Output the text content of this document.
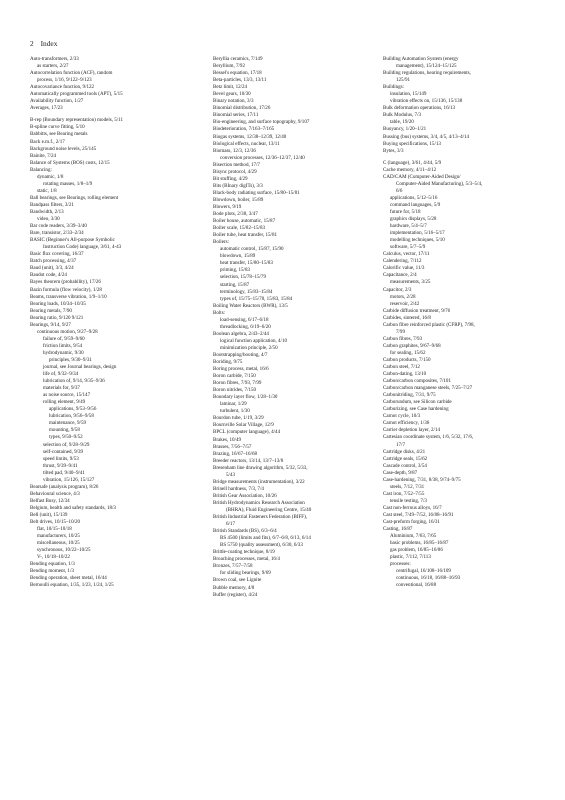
2 Index
Auto-transformers, 2/33
as starters, 2/27
Autocorrelation function (ACF), random
process, 1/16, 9/122–9/123
Autocovariance function, 9/122
Automatically programmed tools (APT), 5/15
Availability function, 1/27
Averages, 17/23
B-rep (Boundary representation) models, 5/11
B-spline curve fitting, 5/10
Babbitts, see Bearing metals
Back e.m.f., 2/17
Background noise levels, 25/145
Bainite, 7/24
Balance of Systems (BOS) costs, 12/15
Balancing:
dynamic, 1/8
rotating masses, 1/8–1/9
static, 1/8
Ball bearings, see Bearings, rolling element
Bandpass filters, 3/21
Bandwidth, 2/13
video, 3/30
Bar code readers, 3/39–3/40
Bare, transistor, 2/33–2/34
BASIC (Beginner's All-purpose Symbolic
Instruction Code) language, 3/61, 4-43
Basic flux covering, 16/37
Batch processing, 4/37
Baud (unit), 3/3, 4/24
Baudot code, 4/24
Bayes theorem (probability), 17/26
Bazin formula (flow velocity), 1/28
Beams, transverse vibration, 1/9–1/10
Bearing loads, 10/34–10/35
Bearing metals, 7/90
Bearing ratio, 9/120 9/121
Bearings, 9/14, 9/27
continuous motion, 9/27–9/28
failure of, 9/59–9/60
friction limits, 9/54
hydrodynamic, 9/30
principles, 9/30–9/31
journal, see Journal bearings, design
life of, 9/32–9/34
lubrication of, 9/14, 9/35–9/36
materials for, 9/37
as noise source, 15/147
rolling element, 9/49
applications, 9/53–9/56
lubrication, 9/56–9/58
maintenance, 9/59
mounting, 9/58
types, 9/50–9/52
selection of, 9/28–9/29
self-contained, 9/39
speed limits, 9/53
thrust, 9/39–9/41
tilted pad, 9/40–9/41
vibration, 15/126, 15/127
Bearsafe (analysis program), 8/26
Behavioural science, 4/3
Belfast Busy, 12/34
Belgium, health and safety standards, 18/3
Bell (unit), 15/139
Belt drives, 10/15–10/20
flat, 10/15–10/18
manufacturers, 10/25
miscellaneous, 10/25
synchronous, 10/22–10/25
V-, 10/18–10/22
Bending equation, 1/3
Bending moment, 1/3
Bending operation, sheet metal, 16/44
Bernoulli equation, 1/35, 1/23, 1/24, 1/25
Beryllia ceramics, 7/149
Beryllium, 7/92
Bessel's equation, 17/18
Beta-particles, 13/3, 13/11
Betz limit, 12/24
Bevel gears, 10/30
Binary notation, 3/3
Binomial distribution, 17/26
Binomial series, 17/11
Bio-engineering, and surface topography, 9/107
Biodeterioration, 7/163–7/165
Biogas systems, 12/38–12/39, 12/40
Biological effects, nuclear, 13/11
Biomass, 12/3, 12/36
conversion processes, 12/36–12/37, 12/40
Bisection method, 17/7
Bisync protocol, 4/29
Bit stuffing, 4/29
Bits (BInary digITs), 3/3
Black-body radiating surface, 15/80–15/81
Blowdown, boiler, 15/89
Blowers, 9/19
Bode plots, 2/38, 3/47
Boiler house, automatic, 15/87
Boiler scale, 15/82–15/83
Boiler tube, heat transfer, 15/81
Boilers:
automatic control, 15/87, 15/90
blowdown, 15/89
heat transfer, 15/80–15/83
priming, 15/83
selection, 15/78–15/79
starting, 15/87
terminology, 15/83–15/84
types of, 15/75–15/78, 15/83, 15/84
Boiling Water Reactors (BWR), 13/5
Bolts:
load-sensing, 6/17–6/18
threadlocking, 6/19–6/20
Boolean algebra, 2/43–2/44
logical function application, 4/10
minimization principle, 2/50
Bootstrapping/booting, 4/7
Boriding, 9/75
Boring process, metal, 16/6
Boron carbide, 7/150
Boron fibres, 7/93, 7/99
Boron nitrides, 7/150
Boundary layer flow, 1/28–1/30
laminar, 1/29
turbulent, 1/30
Bourdon tube, 1/19, 3/29
Bournville Solar Village, 12/9
BPCL (computer language), 4/44
Brakes, 10/49
Brasses, 7/56–7/57
Brazing, 16/67–16/68
Breeder reactors, 13/14, 13/7–13/8
Bresenham line drawing algorithm, 5/32, 5/33,
5/43
Bridge measurements (instrumentation), 3/22
Brinell hardness, 7/3, 7/4
British Gear Association, 10/26
British Hydrodynamics Research Association
(BHRA), Fluid Engineering Centre, 15/40
British Industrial Fasteners Federation (BIFF),
6/17
British Standards (BS), 6/3–6/4
BS 4500 (limits and fits), 6/7–6/8, 6/13, 6/14
BS 5750 (quality assessment), 6/30, 6/33
Brittle-coating technique, 8/19
Broaching processes, metal, 16/4
Bronzes, 7/57–7/58
for sliding bearings, 9/69
Brown coal, see Lignite
Bubble memory, 4/8
Buffer (register), 4/24
Building Automation System (energy
management), 15/124–15/125
Building regulations, hearing requirements,
125/91
Buildings:
insulation, 15/149
vibration effects on, 15/136, 15/138
Bulk deformation operations, 16/13
Bulk Modulus, 7/3
table, 19/20
Buoyancy, 1/20–1/21
Bussing (bus) systems, 3/4, 4/5, 4/13–4/14
Buying specifications, 15/13
Bytes, 3/3
C (language), 3/61, 4/44, 5/9
Cache memory, 4/11–4/12
CAD/CAM (Computer-Aided Design/
Computer-Aided Manufacturing), 5/3–5/4,
6/6
applications, 5/12–5/16
command languages, 5/9
future for, 5/18
graphics displays, 5/28
hardware, 5/4–5/7
implementation, 5/16–5/17
modelling techniques, 5/10
software, 5/7–5/9
Calculus, vector, 17/11
Calendering, 7/112
Calorific value, 11/3
Capacitance, 2/4
measurements, 3/25
Capacitor, 2/3
motors, 2/28
reservoir, 2/42
Carbide diffusion treatment, 9/76
Carbides, sintered, 16/8
Carbon fibre reinforced plastic (CFRP), 7/98,
7/99
Carbon fibres, 7/93
Carbon graphites, 9/67–9/68
for sealing, 15/62
Carbon products, 7/150
Carbon steel, 7/12
Carbon-dating, 13/10
Carbon/carbon composites, 7/101
Carbon/carbon manganese steels, 7/25–7/27
Carbonitriding, 7/31, 9/75
Carborundum, see Silicon carbide
Carburizing, see Case hardening
Carnot cycle, 10/3
Carnot efficiency, 1/36
Carrier depletion layer, 2/14
Cartesian coordinate system, 1/6, 5/32, 17/6,
17/7
Cartridge disks, 4/21
Cartridge seals, 15/62
Cascade control, 3/54
Case-depth, 9/87
Case-hardening, 7/31, 8/38, 9/74–9/75
steels, 7/12, 7/31
Cast iron, 7/52–7/55
tensile testing, 7/3
Cast non-ferrous alloys, 16/7
Cast steel, 7/49–7/52, 16/88–16/91
Cast-preform forging, 16/31
Casting, 16/87
Aluminium, 7/63, 7/65
basic problems, 16/85–16/87
gas problem, 16/85–16/86
plastic, 7/112, 7/113
processes:
centrifugal, 16/108–16/109
continuous, 16/18, 16/88–16/93
conventional, 16/88
